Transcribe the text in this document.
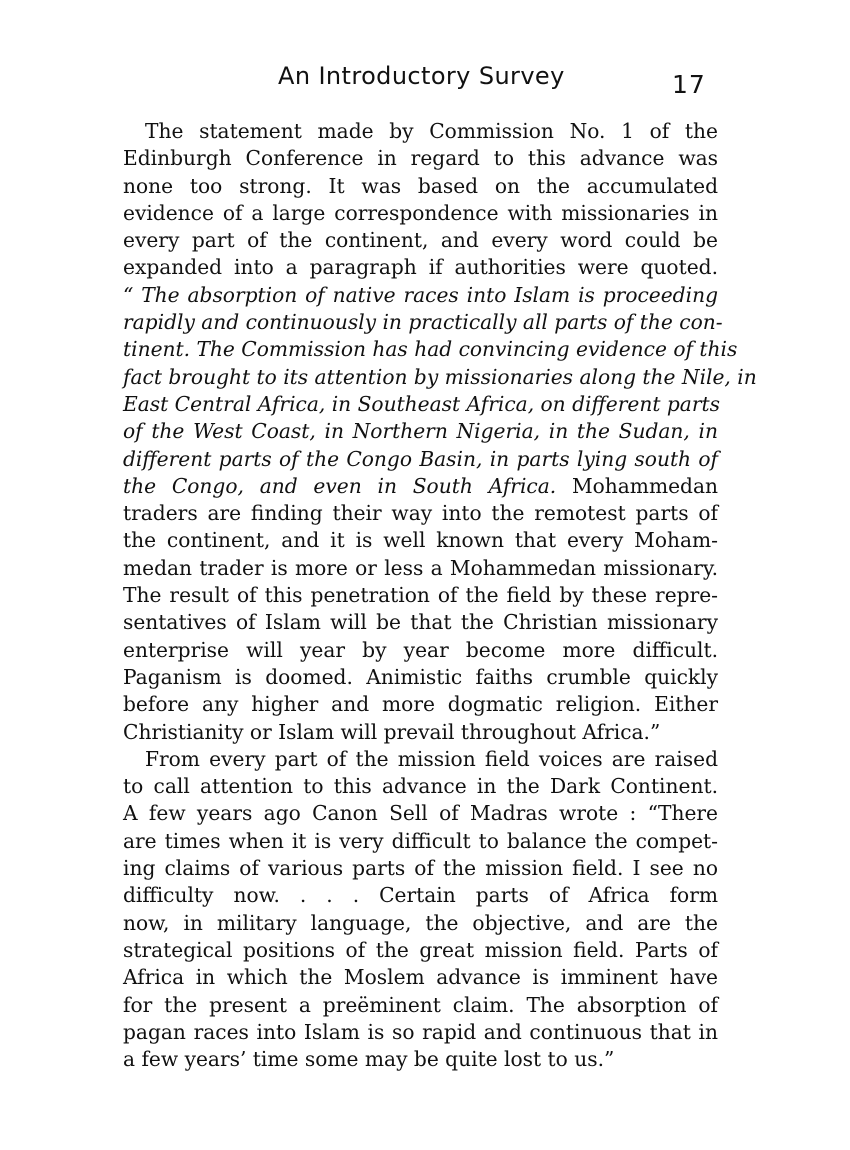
An Introductory Survey	17
The statement made by Commission No. 1 of the
Edinburgh Conference in regard to this advance was
none too strong. It was based on the accumulated
evidence of a large correspondence with missionaries in
every part of the continent, and every word could be
expanded into a paragraph if authorities were quoted.
“ The absorption of native races into Islam is proceeding
rapidly and continuously in practically all parts of the con-
tinent. The Commission has had convincing evidence of this
fact brought to its attention by missionaries along the Nile, in
East Central Africa, in Southeast Africa, on different parts
of the West Coast, in Northern Nigeria, in the Sudan, in
different parts of the Congo Basin, in parts lying south of
the Congo, and even in South Africa. Mohammedan
traders are finding their way into the remotest parts of
the continent, and it is well known that every Moham-
medan trader is more or less a Mohammedan missionary.
The result of this penetration of the field by these repre-
sentatives of Islam will be that the Christian missionary
enterprise will year by year become more difficult.
Paganism is doomed. Animistic faiths crumble quickly
before any higher and more dogmatic religion. Either
Christianity or Islam will prevail throughout Africa.”
From every part of the mission field voices are raised
to call attention to this advance in the Dark Continent.
A few years ago Canon Sell of Madras wrote : “There
are times when it is very difficult to balance the compet-
ing claims of various parts of the mission field. I see no
difficulty now. . . . Certain parts of Africa form
now, in military language, the objective, and are the
strategical positions of the great mission field. Parts of
Africa in which the Moslem advance is imminent have
for the present a preëminent claim. The absorption of
pagan races into Islam is so rapid and continuous that in
a few years’ time some may be quite lost to us.”
